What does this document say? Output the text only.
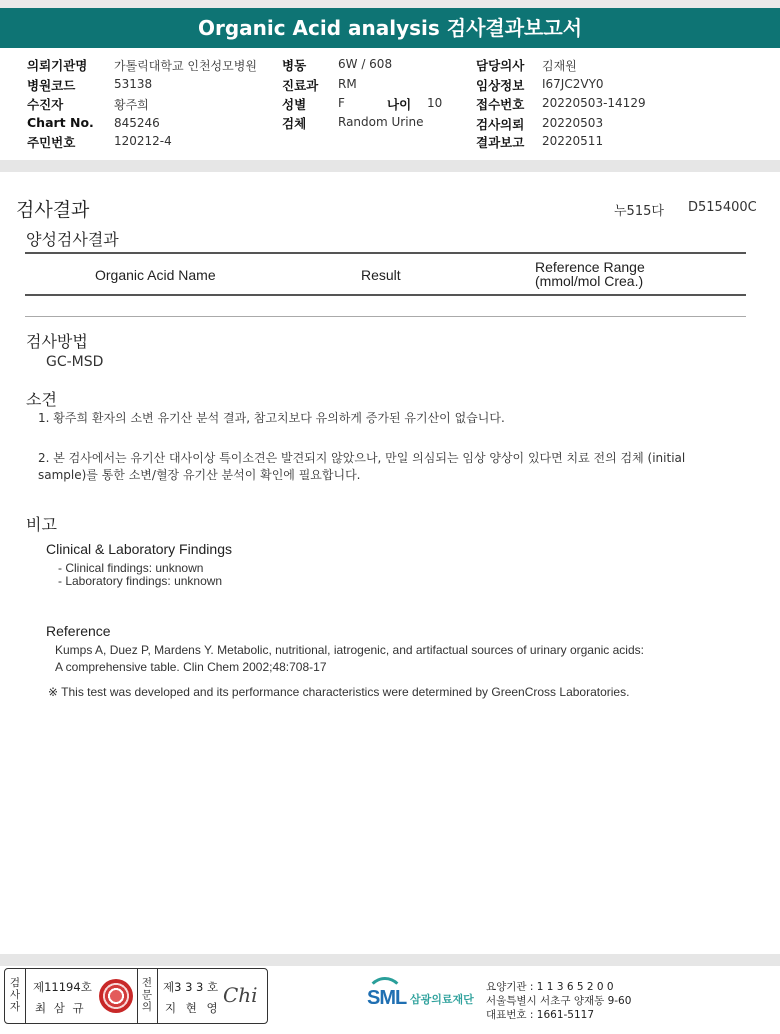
Organic Acid analysis 검사결과보고서
의뢰기관명 가톨릭대학교 인천성모병원
병원코드	53138
수진자	황주희
Chart No. 845246
주민번호	120212-4
병동	6W / 608
진료과 RM
성별	F	나이 10
검체	Random Urine
담당의사 김재원
임상정보 I67JC2VY0
접수번호 20220503-14129
검사의뢰 20220503
결과보고 20220511
검사결과	누515다 D515400C
양성검사결과
Organic Acid Name	Result	Reference Range
(mmol/mol Crea.)
검사방법
GC-MSD
소견
1. 황주희 환자의 소변 유기산 분석 결과, 참고치보다 유의하게 증가된 유기산이 없습니다.
2. 본 검사에서는 유기산 대사이상 특이소견은 발견되지 않았으나, 만일 의심되는 임상 양상이 있다면 치료 전의 검체 (initial
sample)를 통한 소변/혈장 유기산 분석이 확인에 필요합니다.
비고
Clinical & Laboratory Findings
- Clinical findings: unknown
- Laboratory findings: unknown
Reference
Kumps A, Duez P, Mardens Y. Metabolic, nutritional, iatrogenic, and artifactual sources of urinary organic acids:
A comprehensive table. Clin Chem 2002;48:708-17
※ This test was developed and its performance characteristics were determined by GreenCross Laboratories.
검사자
제11194호
최 삼 규
전문의
제3 3 3 호
지 현 영
Chi	SML 삼광의료재단
요양기관 : 1 1 3 6 5 2 0 0
서울특별시 서초구 양재동 9-60
대표번호 : 1661-5117
